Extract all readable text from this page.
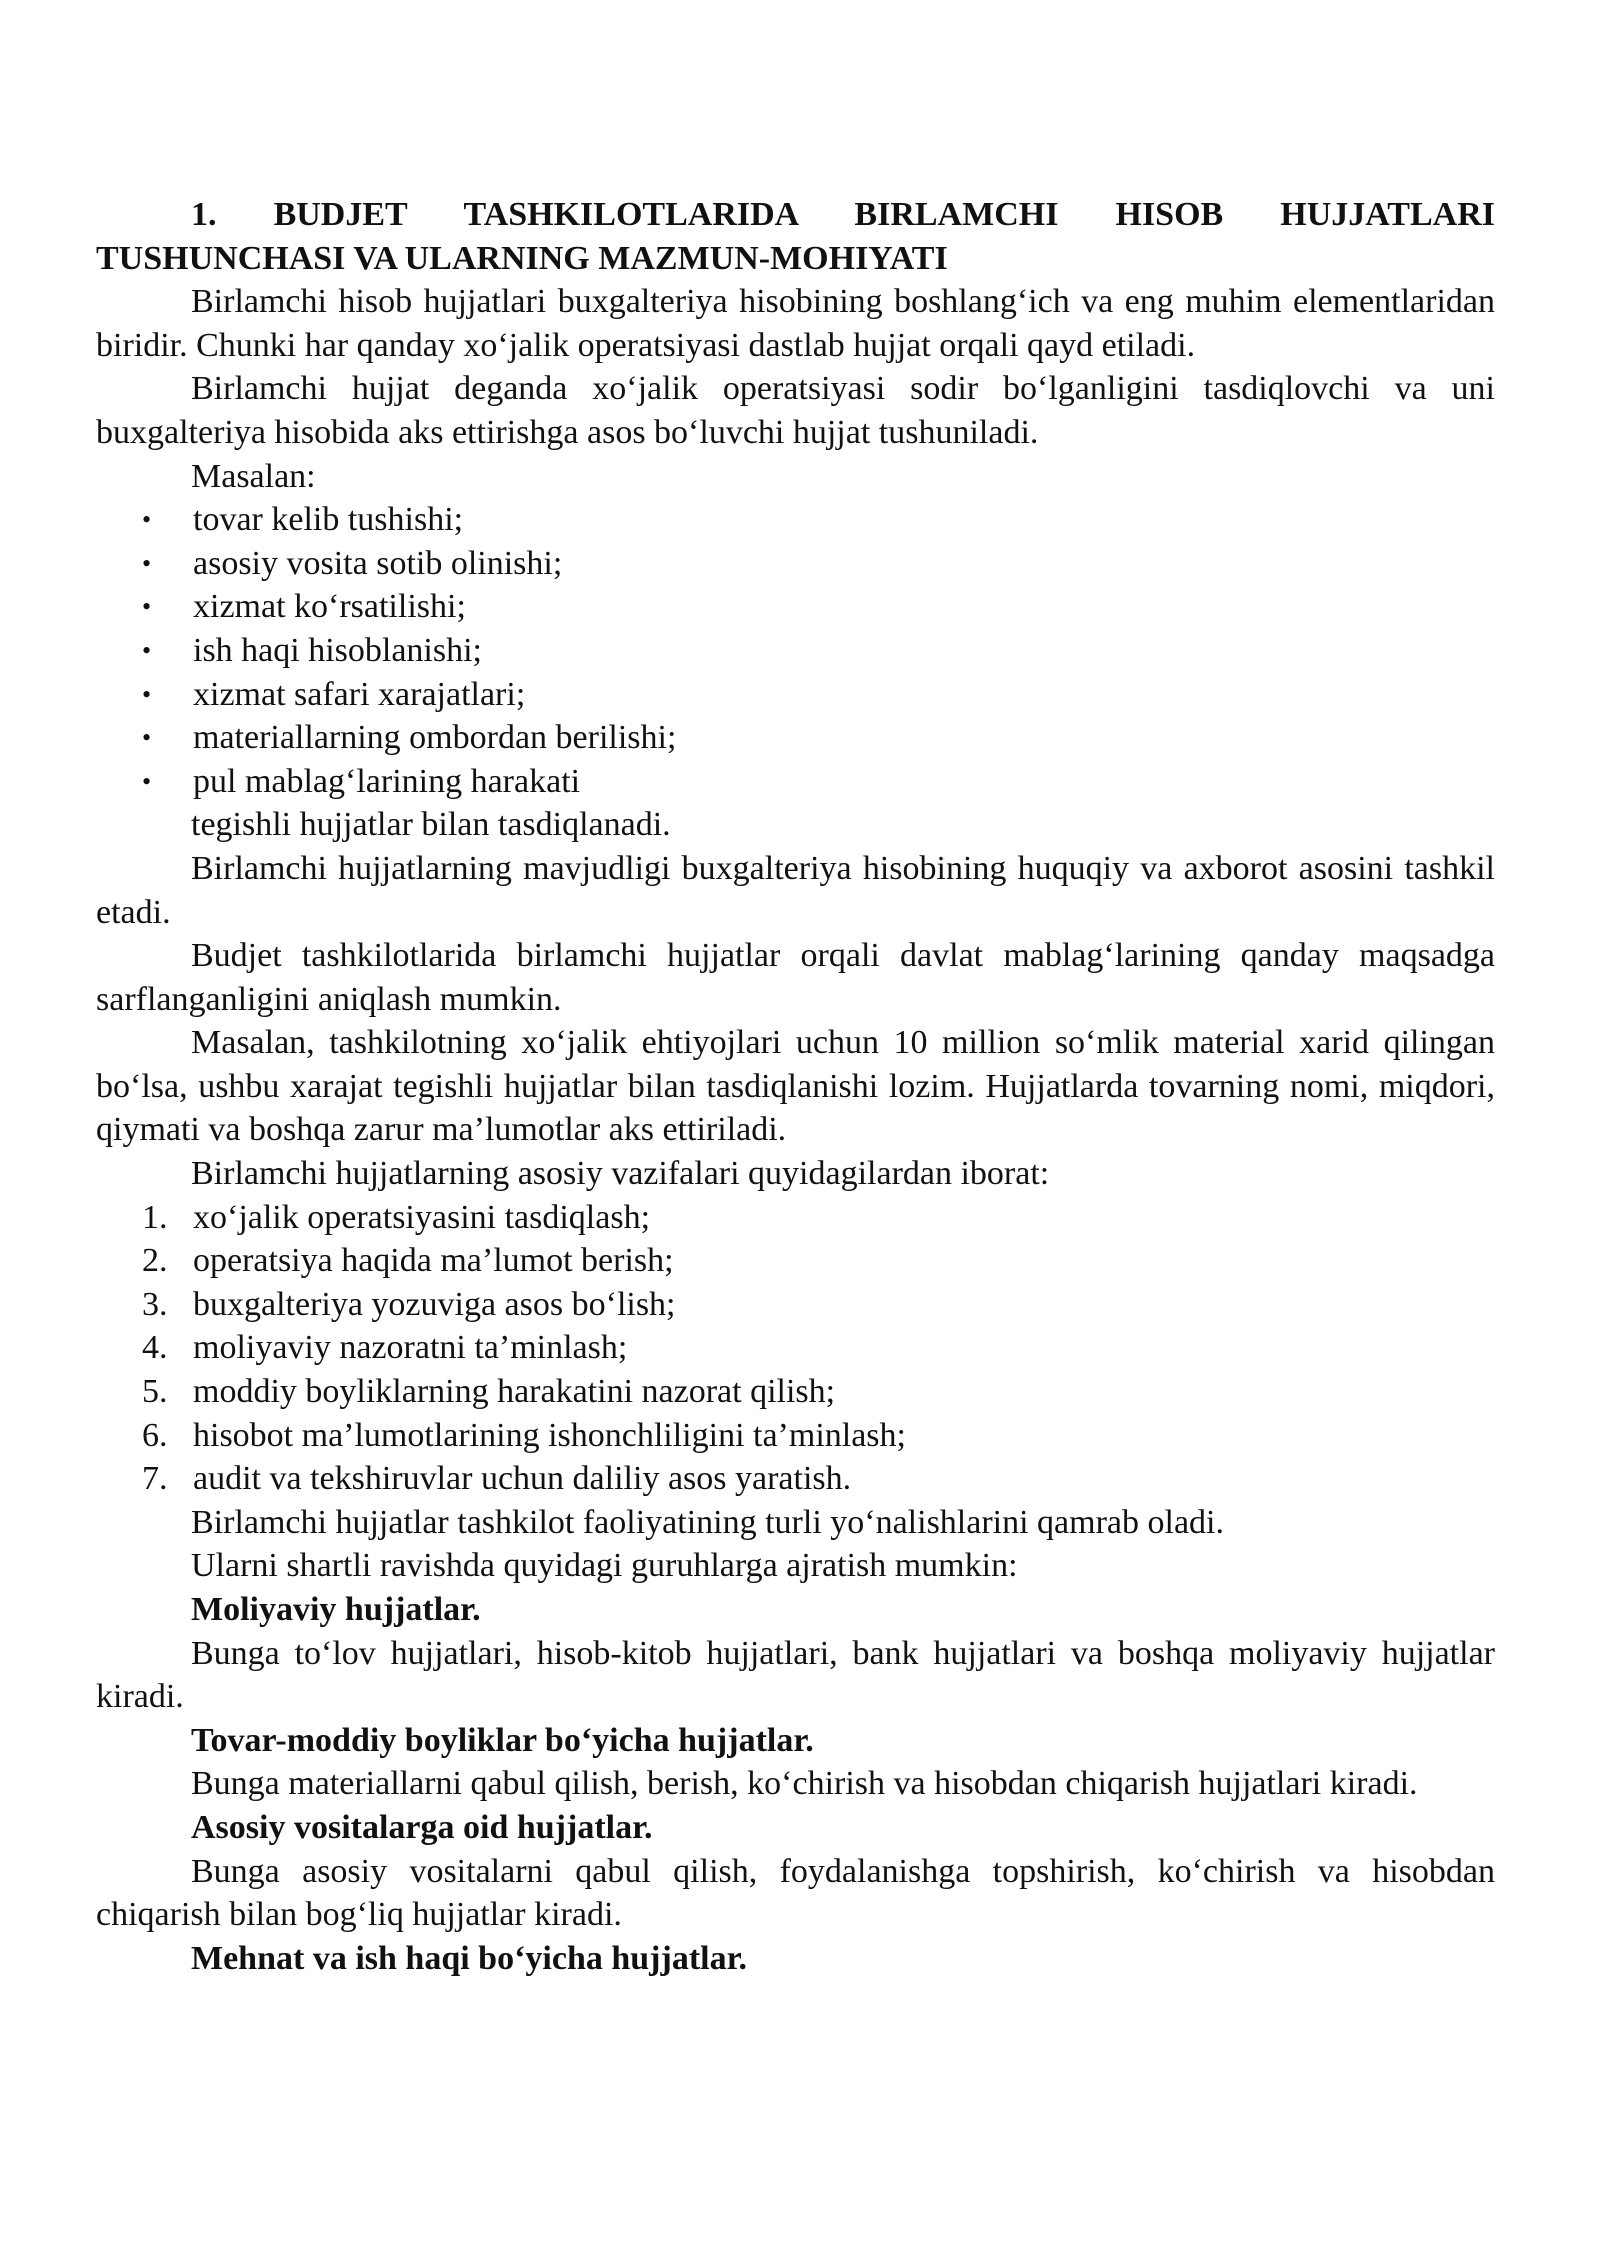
1. BUDJET TASHKILOTLARIDA BIRLAMCHI HISOB HUJJATLARI TUSHUNCHASI VA ULARNING MAZMUN-MOHIYATI

Birlamchi hisob hujjatlari buxgalteriya hisobining boshlang‘ich va eng muhim elementlaridan biridir. Chunki har qanday xo‘jalik operatsiyasi dastlab hujjat orqali qayd etiladi.

Birlamchi hujjat deganda xo‘jalik operatsiyasi sodir bo‘lganligini tasdiqlovchi va uni buxgalteriya hisobida aks ettirishga asos bo‘luvchi hujjat tushuniladi.

Masalan:

• tovar kelib tushishi;
• asosiy vosita sotib olinishi;
• xizmat ko‘rsatilishi;
• ish haqi hisoblanishi;
• xizmat safari xarajatlari;
• materiallarning ombordan berilishi;
• pul mablag‘larining harakati

tegishli hujjatlar bilan tasdiqlanadi.

Birlamchi hujjatlarning mavjudligi buxgalteriya hisobining huquqiy va axborot asosini tashkil etadi.

Budjet tashkilotlarida birlamchi hujjatlar orqali davlat mablag‘larining qanday maqsadga sarflanganligini aniqlash mumkin.

Masalan, tashkilotning xo‘jalik ehtiyojlari uchun 10 million so‘mlik material xarid qilingan bo‘lsa, ushbu xarajat tegishli hujjatlar bilan tasdiqlanishi lozim. Hujjatlarda tovarning nomi, miqdori, qiymati va boshqa zarur ma’lumotlar aks ettiriladi.

Birlamchi hujjatlarning asosiy vazifalari quyidagilardan iborat:

1. xo‘jalik operatsiyasini tasdiqlash;
2. operatsiya haqida ma’lumot berish;
3. buxgalteriya yozuviga asos bo‘lish;
4. moliyaviy nazoratni ta’minlash;
5. moddiy boyliklarning harakatini nazorat qilish;
6. hisobot ma’lumotlarining ishonchliligini ta’minlash;
7. audit va tekshiruvlar uchun daliliy asos yaratish.

Birlamchi hujjatlar tashkilot faoliyatining turli yo‘nalishlarini qamrab oladi.

Ularni shartli ravishda quyidagi guruhlarga ajratish mumkin:

Moliyaviy hujjatlar.

Bunga to‘lov hujjatlari, hisob-kitob hujjatlari, bank hujjatlari va boshqa moliyaviy hujjatlar kiradi.

Tovar-moddiy boyliklar bo‘yicha hujjatlar.

Bunga materiallarni qabul qilish, berish, ko‘chirish va hisobdan chiqarish hujjatlari kiradi.

Asosiy vositalarga oid hujjatlar.

Bunga asosiy vositalarni qabul qilish, foydalanishga topshirish, ko‘chirish va hisobdan chiqarish bilan bog‘liq hujjatlar kiradi.

Mehnat va ish haqi bo‘yicha hujjatlar.
